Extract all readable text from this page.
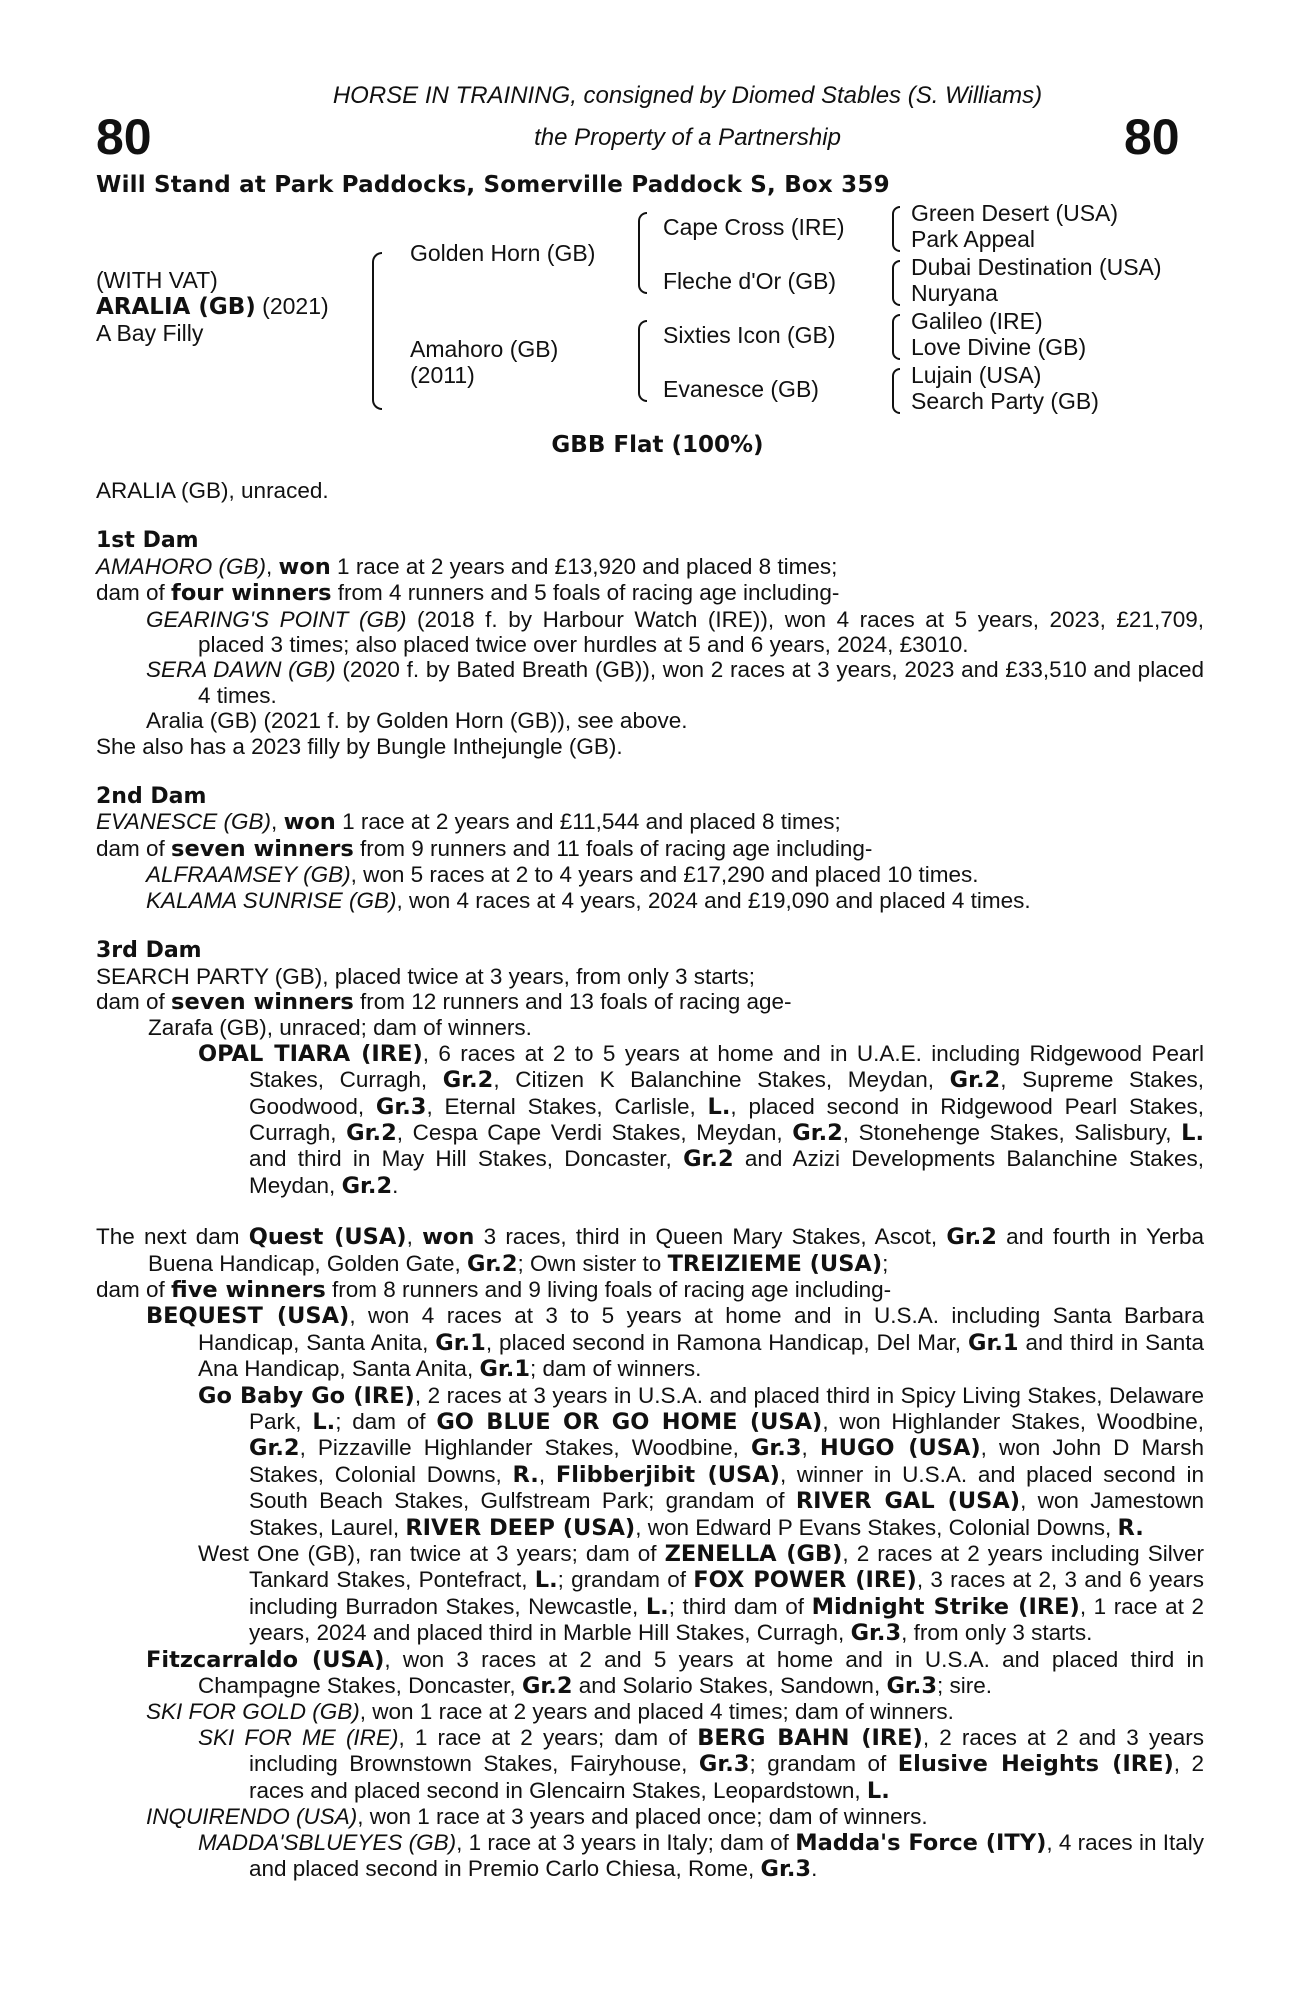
80	80
HORSE IN TRAINING, consigned by Diomed Stables (S. Williams)
the Property of a Partnership
Will Stand at Park Paddocks, Somerville Paddock S, Box 359
(WITH VAT)
ARALIA (GB) (2021)
A Bay Filly
Golden Horn (GB)
Amahoro (GB)
(2011)
Cape Cross (IRE)
Fleche d'Or (GB)
Sixties Icon (GB)
Evanesce (GB)
Green Desert (USA)
Park Appeal
Dubai Destination (USA)
Nuryana
Galileo (IRE)
Love Divine (GB)
Lujain (USA)
Search Party (GB)
GBB Flat (100%)

ARALIA (GB), unraced.

1st Dam

AMAHORO (GB), won 1 race at 2 years and £13,920 and placed 8 times;

dam of four winners from 4 runners and 5 foals of racing age including-

GEARING'S POINT (GB) (2018 f. by Harbour Watch (IRE)), won 4 races at 5 years, 2023, £21,709, placed 3 times; also placed twice over hurdles at 5 and 6 years, 2024, £3010.

SERA DAWN (GB) (2020 f. by Bated Breath (GB)), won 2 races at 3 years, 2023 and £33,510 and placed 4 times.

Aralia (GB) (2021 f. by Golden Horn (GB)), see above.

She also has a 2023 filly by Bungle Inthejungle (GB).

2nd Dam

EVANESCE (GB), won 1 race at 2 years and £11,544 and placed 8 times;

dam of seven winners from 9 runners and 11 foals of racing age including-

ALFRAAMSEY (GB), won 5 races at 2 to 4 years and £17,290 and placed 10 times.

KALAMA SUNRISE (GB), won 4 races at 4 years, 2024 and £19,090 and placed 4 times.

3rd Dam

SEARCH PARTY (GB), placed twice at 3 years, from only 3 starts;

dam of seven winners from 12 runners and 13 foals of racing age-

Zarafa (GB), unraced; dam of winners.

OPAL TIARA (IRE), 6 races at 2 to 5 years at home and in U.A.E. including Ridgewood Pearl Stakes, Curragh, Gr.2, Citizen K Balanchine Stakes, Meydan, Gr.2, Supreme Stakes, Goodwood, Gr.3, Eternal Stakes, Carlisle, L., placed second in Ridgewood Pearl Stakes, Curragh, Gr.2, Cespa Cape Verdi Stakes, Meydan, Gr.2, Stonehenge Stakes, Salisbury, L. and third in May Hill Stakes, Doncaster, Gr.2 and Azizi Developments Balanchine Stakes, Meydan, Gr.2.

The next dam Quest (USA), won 3 races, third in Queen Mary Stakes, Ascot, Gr.2 and fourth in Yerba Buena Handicap, Golden Gate, Gr.2; Own sister to TREIZIEME (USA);

dam of five winners from 8 runners and 9 living foals of racing age including-

BEQUEST (USA), won 4 races at 3 to 5 years at home and in U.S.A. including Santa Barbara Handicap, Santa Anita, Gr.1, placed second in Ramona Handicap, Del Mar, Gr.1 and third in Santa Ana Handicap, Santa Anita, Gr.1; dam of winners.

Go Baby Go (IRE), 2 races at 3 years in U.S.A. and placed third in Spicy Living Stakes, Delaware Park, L.; dam of GO BLUE OR GO HOME (USA), won Highlander Stakes, Woodbine, Gr.2, Pizzaville Highlander Stakes, Woodbine, Gr.3, HUGO (USA), won John D Marsh Stakes, Colonial Downs, R., Flibberjibit (USA), winner in U.S.A. and placed second in South Beach Stakes, Gulfstream Park; grandam of RIVER GAL (USA), won Jamestown Stakes, Laurel, RIVER DEEP (USA), won Edward P Evans Stakes, Colonial Downs, R.

West One (GB), ran twice at 3 years; dam of ZENELLA (GB), 2 races at 2 years including Silver Tankard Stakes, Pontefract, L.; grandam of FOX POWER (IRE), 3 races at 2, 3 and 6 years including Burradon Stakes, Newcastle, L.; third dam of Midnight Strike (IRE), 1 race at 2 years, 2024 and placed third in Marble Hill Stakes, Curragh, Gr.3, from only 3 starts.

Fitzcarraldo (USA), won 3 races at 2 and 5 years at home and in U.S.A. and placed third in Champagne Stakes, Doncaster, Gr.2 and Solario Stakes, Sandown, Gr.3; sire.

SKI FOR GOLD (GB), won 1 race at 2 years and placed 4 times; dam of winners.

SKI FOR ME (IRE), 1 race at 2 years; dam of BERG BAHN (IRE), 2 races at 2 and 3 years including Brownstown Stakes, Fairyhouse, Gr.3; grandam of Elusive Heights (IRE), 2 races and placed second in Glencairn Stakes, Leopardstown, L.

INQUIRENDO (USA), won 1 race at 3 years and placed once; dam of winners.

MADDA'SBLUEYES (GB), 1 race at 3 years in Italy; dam of Madda's Force (ITY), 4 races in Italy and placed second in Premio Carlo Chiesa, Rome, Gr.3.
